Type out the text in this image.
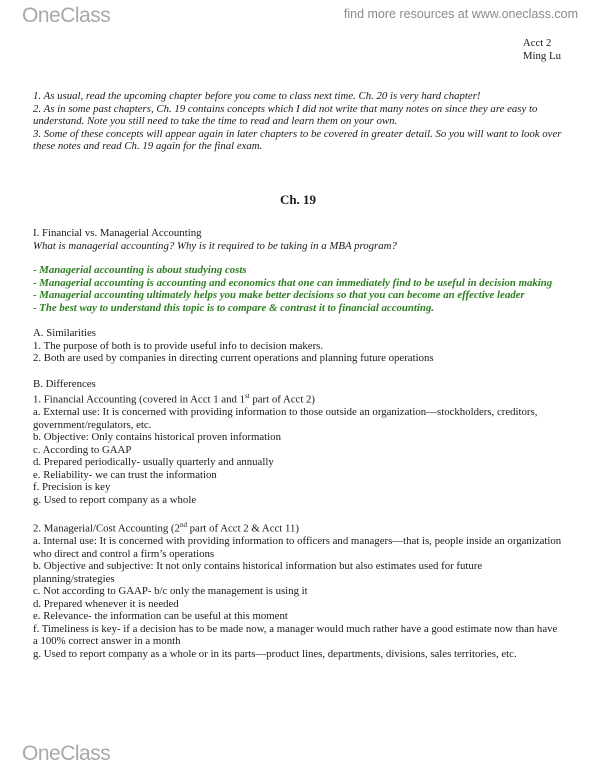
OneClass	find more resources at www.oneclass.com
Acct 2
Ming Lu
1. As usual, read the upcoming chapter before you come to class next time. Ch. 20 is very hard chapter!
2. As in some past chapters, Ch. 19 contains concepts which I did not write that many notes on since they are easy to understand. Note you still need to take the time to read and learn them on your own.
3. Some of these concepts will appear again in later chapters to be covered in greater detail. So you will want to look over these notes and read Ch. 19 again for the final exam.
Ch. 19
I. Financial vs. Managerial Accounting
What is managerial accounting? Why is it required to be taking in a MBA program?
- Managerial accounting is about studying costs
- Managerial accounting is accounting and economics that one can immediately find to be useful in decision making
- Managerial accounting ultimately helps you make better decisions so that you can become an effective leader
- The best way to understand this topic is to compare & contrast it to financial accounting.
A. Similarities
1. The purpose of both is to provide useful info to decision makers.
2. Both are used by companies in directing current operations and planning future operations
B. Differences
1. Financial Accounting (covered in Acct 1 and 1st part of Acct 2)
a. External use: It is concerned with providing information to those outside an organization—stockholders, creditors, government/regulators, etc.
b. Objective: Only contains historical proven information
c. According to GAAP
d. Prepared periodically- usually quarterly and annually
e. Reliability- we can trust the information
f. Precision is key
g. Used to report company as a whole
2. Managerial/Cost Accounting (2nd part of Acct 2 & Acct 11)
a. Internal use: It is concerned with providing information to officers and managers—that is, people inside an organization who direct and control a firm’s operations
b. Objective and subjective: It not only contains historical information but also estimates used for future planning/strategies
c. Not according to GAAP- b/c only the management is using it
d. Prepared whenever it is needed
e. Relevance- the information can be useful at this moment
f. Timeliness is key- if a decision has to be made now, a manager would much rather have a good estimate now than have a 100% correct answer in a month
g. Used to report company as a whole or in its parts—product lines, departments, divisions, sales territories, etc.
OneClass
